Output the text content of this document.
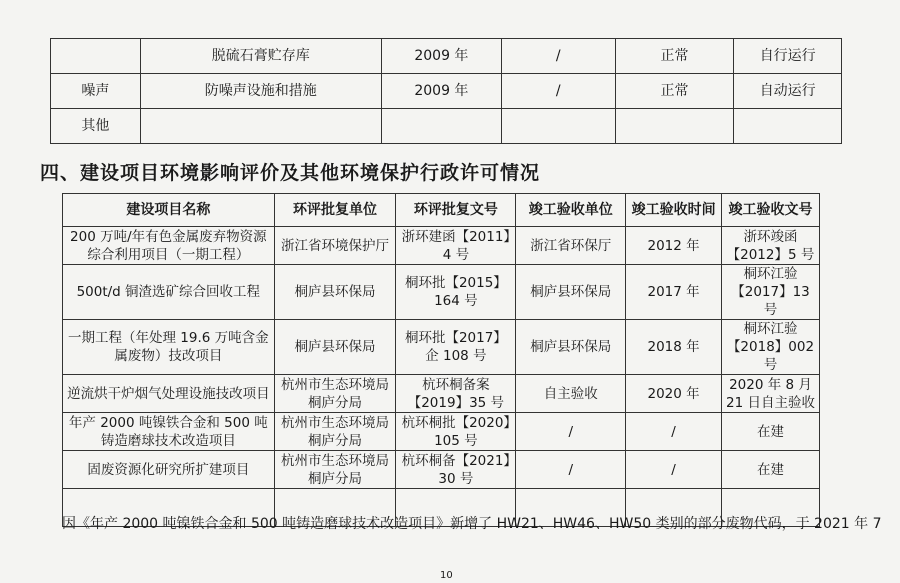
	脱硫石膏贮存库	2009 年	/	正常	自行运行
噪声	防噪声设施和措施	2009 年	/	正常	自动运行
其他					
四、建设项目环境影响评价及其他环境保护行政许可情况
建设项目名称	环评批复单位	环评批复文号	竣工验收单位	竣工验收时间	竣工验收文号
200 万吨/年有色金属废弃物资源综合利用项目（一期工程）	浙江省环境保护厅	浙环建函【2011】4 号	浙江省环保厅	2012 年	浙环竣函【2012】5 号
500t/d 铜渣选矿综合回收工程	桐庐县环保局	桐环批【2015】164 号	桐庐县环保局	2017 年	桐环江验【2017】13 号
一期工程（年处理 19.6 万吨含金属废物）技改项目	桐庐县环保局	桐环批【2017】企 108 号	桐庐县环保局	2018 年	桐环江验【2018】002 号
逆流烘干炉烟气处理设施技改项目	杭州市生态环境局桐庐分局	杭环桐备案【2019】35 号	自主验收	2020 年	2020 年 8 月 21 日自主验收
年产 2000 吨镍铁合金和 500 吨铸造磨球技术改造项目	杭州市生态环境局桐庐分局	杭环桐批【2020】105 号	/	/	在建
固废资源化研究所扩建项目	杭州市生态环境局桐庐分局	杭环桐备【2021】30 号	/	/	在建

因《年产 2000 吨镍铁合金和 500 吨铸造磨球技术改造项目》新增了 HW21、HW46、HW50 类别的部分废物代码，于 2021 年 7
10
